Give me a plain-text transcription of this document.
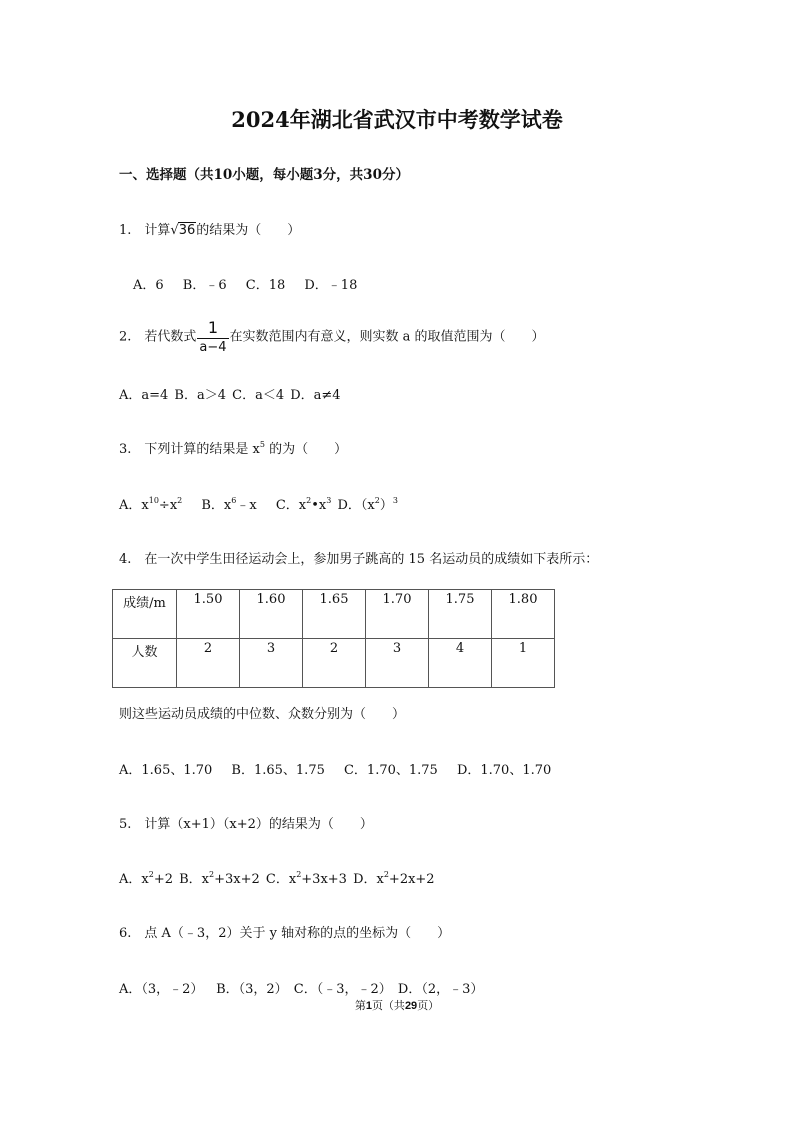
2024年湖北省武汉市中考数学试卷
一、选择题（共10小题，每小题3分，共30分）
1.　计算√36的结果为（　　）
A．6　 B．﹣6　 C．18　 D．﹣18
2.　若代数式 $\frac{1}{a-4}$ 在实数范围内有意义，则实数 a 的取值范围为（　　）
A．a=4 B．a＞4 C．a＜4 D．a≠4
3.　下列计算的结果是 $x^5$ 的为（　　）
A．$x^{10}\div x^2$　 B．$x^6﹣x$　 C．$x^2•x^3$ D．$(x^2)^3$
4.　在一次中学生田径运动会上，参加男子跳高的 15 名运动员的成绩如下表所示：
成绩/m	1.50	1.60	1.65	1.70	1.75	1.80
人数	2	3	2	3	4	1
则这些运动员成绩的中位数、众数分别为（　　）
A．1.65、1.70　 B．1.65、1.75　 C．1.70、1.75　 D．1.70、1.70
5.　计算（x+1）（x+2）的结果为（　　）
A．$x^2+2$ B．$x^2+3x+2$ C．$x^2+3x+3$ D．$x^2+2x+2$
6.　点 A（﹣3，2）关于 y 轴对称的点的坐标为（　　）
A．（3，﹣2）　 B．（3，2） C．（﹣3，﹣2） D．（2，﹣3）
第1页（共29页）
